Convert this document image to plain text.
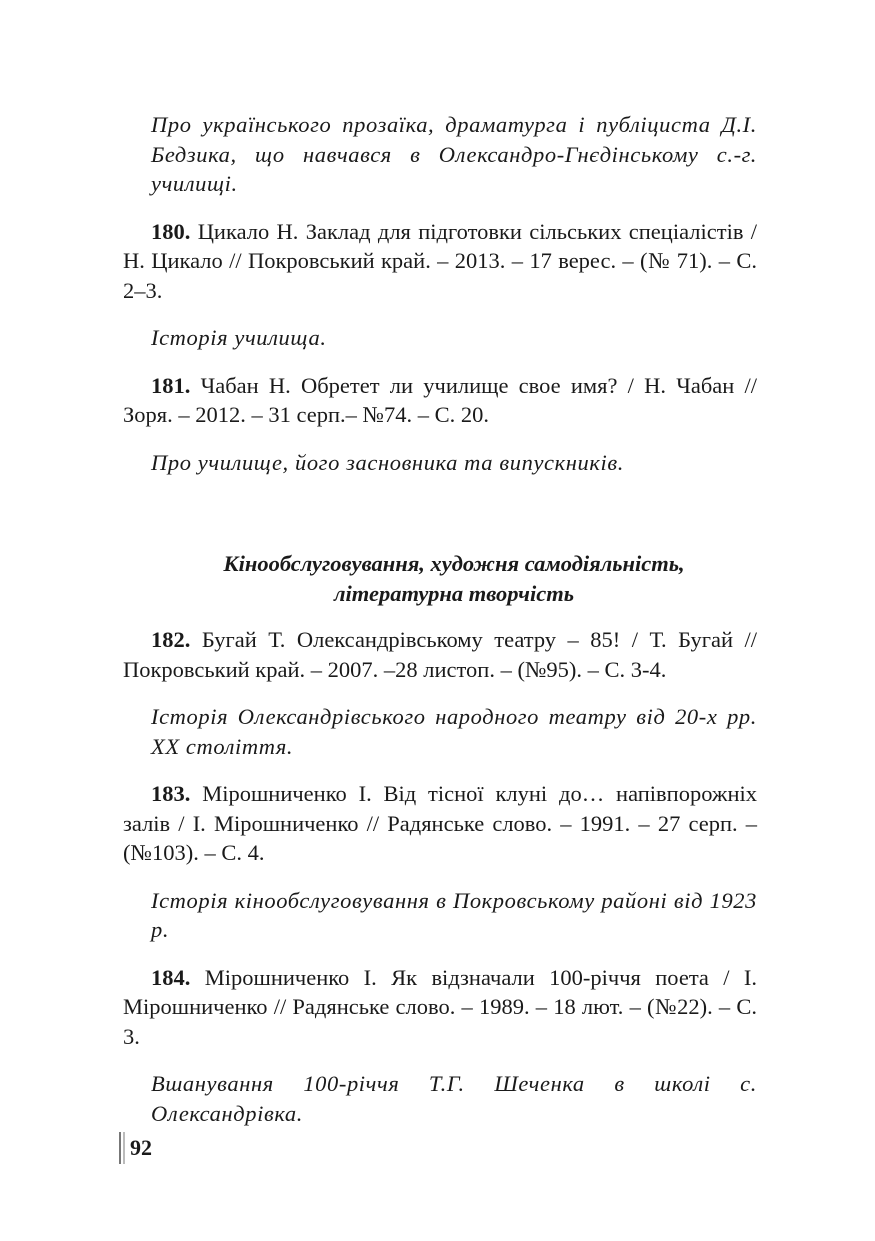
Про українського прозаїка, драматурга і публіциста Д.І. Бедзика, що навчався в Олександро-Гнєдінському с.-г. училищі.

180. Цикало Н. Заклад для підготовки сільських спеціалістів / Н. Цикало // Покровський край. – 2013. – 17 верес. – (№ 71). – С. 2–3.

Історія училища.

181. Чабан Н. Обретет ли училище свое имя? / Н. Чабан // Зоря. – 2012. – 31 серп.– №74. – С. 20.

Про училище, його засновника та випускників.

Кінообслуговування, художня самодіяльність,
літературна творчість

182. Бугай Т. Олександрівському театру – 85! / Т. Бугай // Покровський край. – 2007. –28 листоп. – (№95). – С. 3-4.

Історія Олександрівського народного театру від 20-х рр. ХХ століття.

183. Мірошниченко І. Від тісної клуні до… напівпорожніх залів / І. Мірошниченко // Радянське слово. – 1991. – 27 серп. – (№103). – С. 4.

Історія кінообслуговування в Покровському районі від 1923 р.

184. Мірошниченко І. Як відзначали 100-річчя поета / І. Мірошниченко // Радянське слово. – 1989. – 18 лют. – (№22). – С. 3.

Вшанування 100-річчя Т.Г. Шеченка в школі с. Олександрівка.

92
